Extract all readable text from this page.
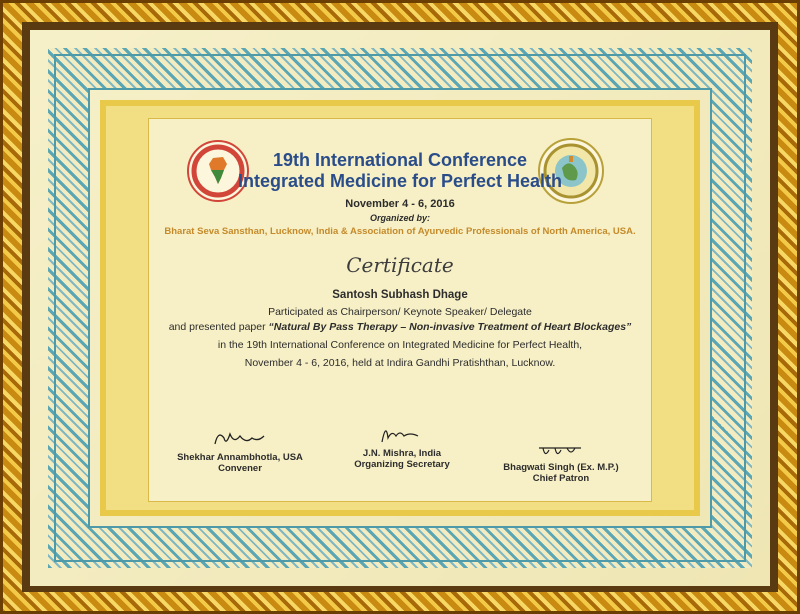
19th International Conference
Integrated Medicine for Perfect Health
November 4 - 6, 2016
Organized by:
Bharat Seva Sansthan, Lucknow, India & Association of Ayurvedic Professionals of North America, USA.
Certificate
Santosh Subhash Dhage
Participated as Chairperson/ Keynote Speaker/ Delegate
and presented paper “Natural By Pass Therapy – Non-invasive Treatment of Heart Blockages”
in the 19th International Conference on Integrated Medicine for Perfect Health,
November 4 - 6, 2016, held at Indira Gandhi Pratishthan, Lucknow.
Shekhar Annambhotla, USA
Convener
J.N. Mishra, India
Organizing Secretary	Bhagwati Singh (Ex. M.P.)
Chief Patron
